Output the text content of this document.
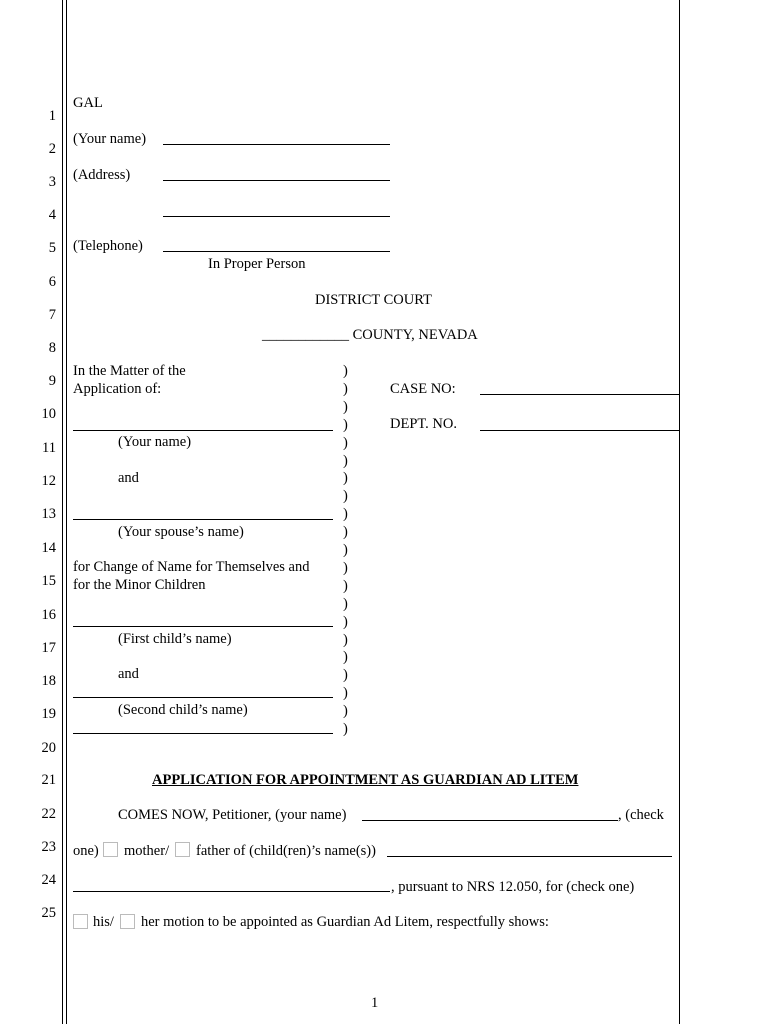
1
2
3
4
5
6
7
8
9
10
11
12
13
14
15
16
17
18
19
20
21
22
23
24
25
GAL
(Your name)
(Address)
(Telephone)
In Proper Person
DISTRICT COURT
____________ COUNTY, NEVADA
In the Matter of the
Application of:
(Your name)
and
(Your spouse’s name)
for Change of Name for Themselves and
for the Minor Children
(First child’s name)
and
(Second child’s name)
)
)
)
)
)
)
)
)
)
)
)
)
)
)
)
)
)
)
)
)
)
CASE NO:
DEPT. NO.
APPLICATION FOR APPOINTMENT AS GUARDIAN AD LITEM
COMES NOW, Petitioner, (your name)	, (check
one) mother/ father of (child(ren)’s name(s))
, pursuant to NRS 12.050, for (check one)
his/ her motion to be appointed as Guardian Ad Litem, respectfully shows:
1
